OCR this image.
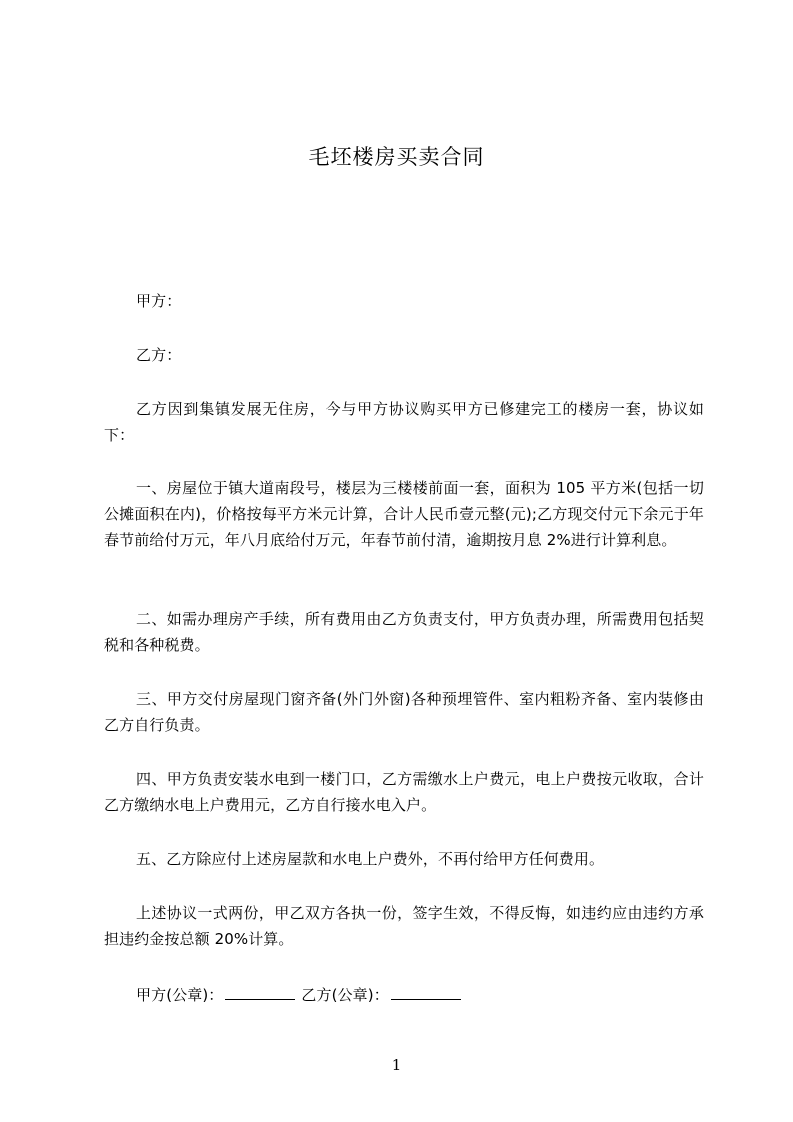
毛坯楼房买卖合同
甲方：
乙方：
乙方因到集镇发展无住房，今与甲方协议购买甲方已修建完工的楼房一套，协议如下：
一、房屋位于镇大道南段号，楼层为三楼楼前面一套，面积为 105 平方米(包括一切公摊面积在内)，价格按每平方米元计算，合计人民币壹元整(元);乙方现交付元下余元于年春节前给付万元，年八月底给付万元，年春节前付清，逾期按月息 2%进行计算利息。
二、如需办理房产手续，所有费用由乙方负责支付，甲方负责办理，所需费用包括契税和各种税费。
三、甲方交付房屋现门窗齐备(外门外窗)各种预埋管件、室内粗粉齐备、室内装修由乙方自行负责。
四、甲方负责安装水电到一楼门口，乙方需缴水上户费元，电上户费按元收取，合计乙方缴纳水电上户费用元，乙方自行接水电入户。
五、乙方除应付上述房屋款和水电上户费外，不再付给甲方任何费用。
上述协议一式两份，甲乙双方各执一份，签字生效，不得反悔，如违约应由违约方承担违约金按总额 20%计算。
甲方(公章)：	乙方(公章)：
1
